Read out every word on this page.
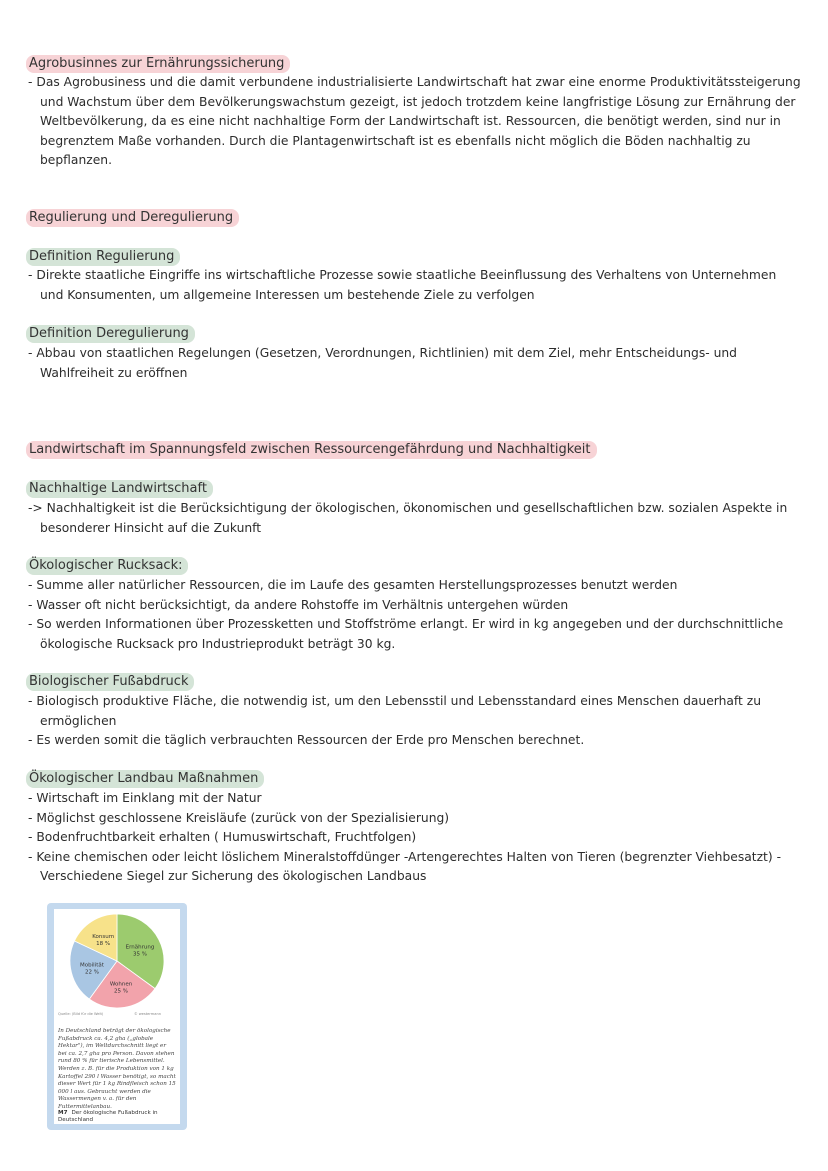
Agrobusinnes zur Ernährungssicherung

- Das Agrobusiness und die damit verbundene industrialisierte Landwirtschaft hat zwar eine enorme Produktivitätssteigerung und Wachstum über dem Bevölkerungswachstum gezeigt, ist jedoch trotzdem keine langfristige Lösung zur Ernährung der Weltbevölkerung, da es eine nicht nachhaltige Form der Landwirtschaft ist. Ressourcen, die benötigt werden, sind nur in begrenztem Maße vorhanden. Durch die Plantagenwirtschaft ist es ebenfalls nicht möglich die Böden nachhaltig zu bepflanzen.

Regulierung und Deregulierung
Definition Regulierung

- Direkte staatliche Eingriffe ins wirtschaftliche Prozesse sowie staatliche Beeinflussung des Verhaltens von Unternehmen und Konsumenten, um allgemeine Interessen um bestehende Ziele zu verfolgen

Definition Deregulierung

- Abbau von staatlichen Regelungen (Gesetzen, Verordnungen, Richtlinien) mit dem Ziel, mehr Entscheidungs- und Wahlfreiheit zu eröffnen

Landwirtschaft im Spannungsfeld zwischen Ressourcengefährdung und Nachhaltigkeit
Nachhaltige Landwirtschaft

-> Nachhaltigkeit ist die Berücksichtigung der ökologischen, ökonomischen und gesellschaftlichen bzw. sozialen Aspekte in besonderer Hinsicht auf die Zukunft

Ökologischer Rucksack:

- Summe aller natürlicher Ressourcen, die im Laufe des gesamten Herstellungsprozesses benutzt werden

- Wasser oft nicht berücksichtigt, da andere Rohstoffe im Verhältnis untergehen würden

- So werden Informationen über Prozessketten und Stoffströme erlangt. Er wird in kg angegeben und der durchschnittliche ökologische Rucksack pro Industrieprodukt beträgt 30 kg.

Biologischer Fußabdruck

- Biologisch produktive Fläche, die notwendig ist, um den Lebensstil und Lebensstandard eines Menschen dauerhaft zu ermöglichen

- Es werden somit die täglich verbrauchten Ressourcen der Erde pro Menschen berechnet.

Ökologischer Landbau Maßnahmen

- Wirtschaft im Einklang mit der Natur

- Möglichst geschlossene Kreisläufe (zurück von der Spezialisierung)

- Bodenfruchtbarkeit erhalten ( Humuswirtschaft, Fruchtfolgen)

- Keine chemischen oder leicht löslichem Mineralstoffdünger -Artengerechtes Halten von Tieren (begrenzter Viehbesatzt) -Verschiedene Siegel zur Sicherung des ökologischen Landbaus

Ernährung
35 %
Wohnen
25 %
Mobilität
22 %
Konsum
18 %
Quelle: (Bild für die Welt)	© westermann
In Deutschland beträgt der ökologische Fußabdruck ca. 4,2 gha („globale Hektar"), im Weltdurchschnitt liegt er bei ca. 2,7 gha pro Person. Davon stehen rund 80 % für tierische Lebensmittel. Werden z. B. für die Produktion von 1 kg Kartoffel 290 l Wasser benötigt, so macht dieser Wert für 1 kg Rindfleisch schon 15 000 l aus. Gebraucht werden die Wassermengen v. a. für den Futtermittelanbau.
M7 Der ökologische Fußabdruck in Deutschland
